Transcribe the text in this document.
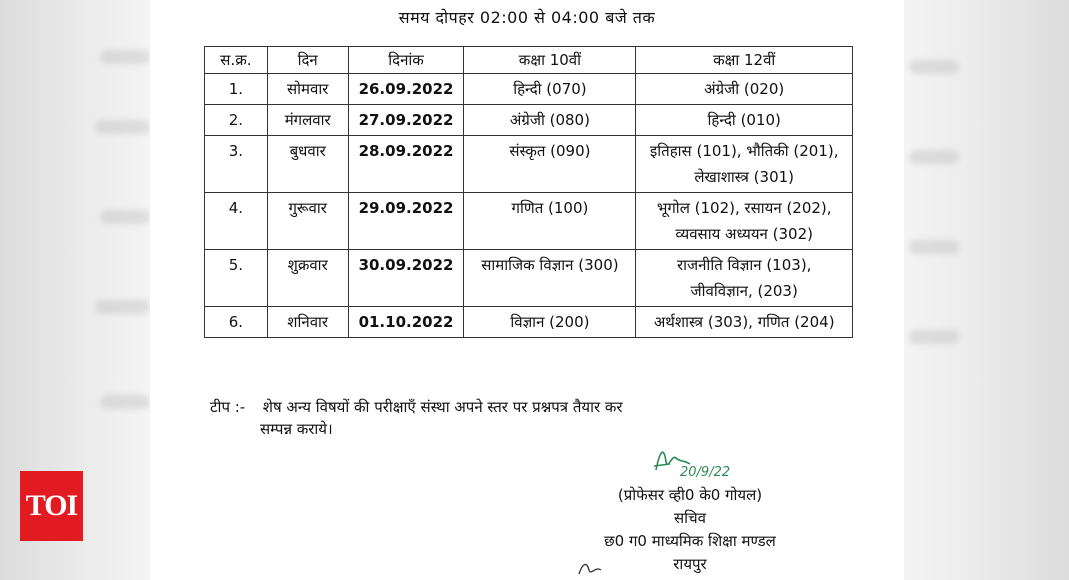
समय दोपहर 02:00 से 04:00 बजे तक
स.क्र.	दिन	दिनांक	कक्षा 10वीं	कक्षा 12वीं
1.	सोमवार	26.09.2022	हिन्दी (070)	अंग्रेजी (020)

2.	मंगलवार	27.09.2022	अंग्रेजी (080)	हिन्दी (010)

3.	बुधवार	28.09.2022	संस्कृत (090)	इतिहास (101), भौतिकी (201),
लेखाशास्त्र (301)

4.	गुरूवार	29.09.2022	गणित (100)	भूगोल (102), रसायन (202),
व्यवसाय अध्ययन (302)

5.	शुक्रवार	30.09.2022	सामाजिक विज्ञान (300)	राजनीति विज्ञान (103),
जीवविज्ञान, (203)

6.	शनिवार	01.10.2022	विज्ञान (200)	अर्थशास्त्र (303), गणित (204)
टीप :- शेष अन्य विषयों की परीक्षाएँ संस्था अपने स्तर पर प्रश्नपत्र तैयार कर
सम्पन्न कराये।
20/9/22
(प्रोफेसर व्ही0 के0 गोयल)
सचिव
छ0 ग0 माध्यमिक शिक्षा मण्डल
रायपुर
TOI
